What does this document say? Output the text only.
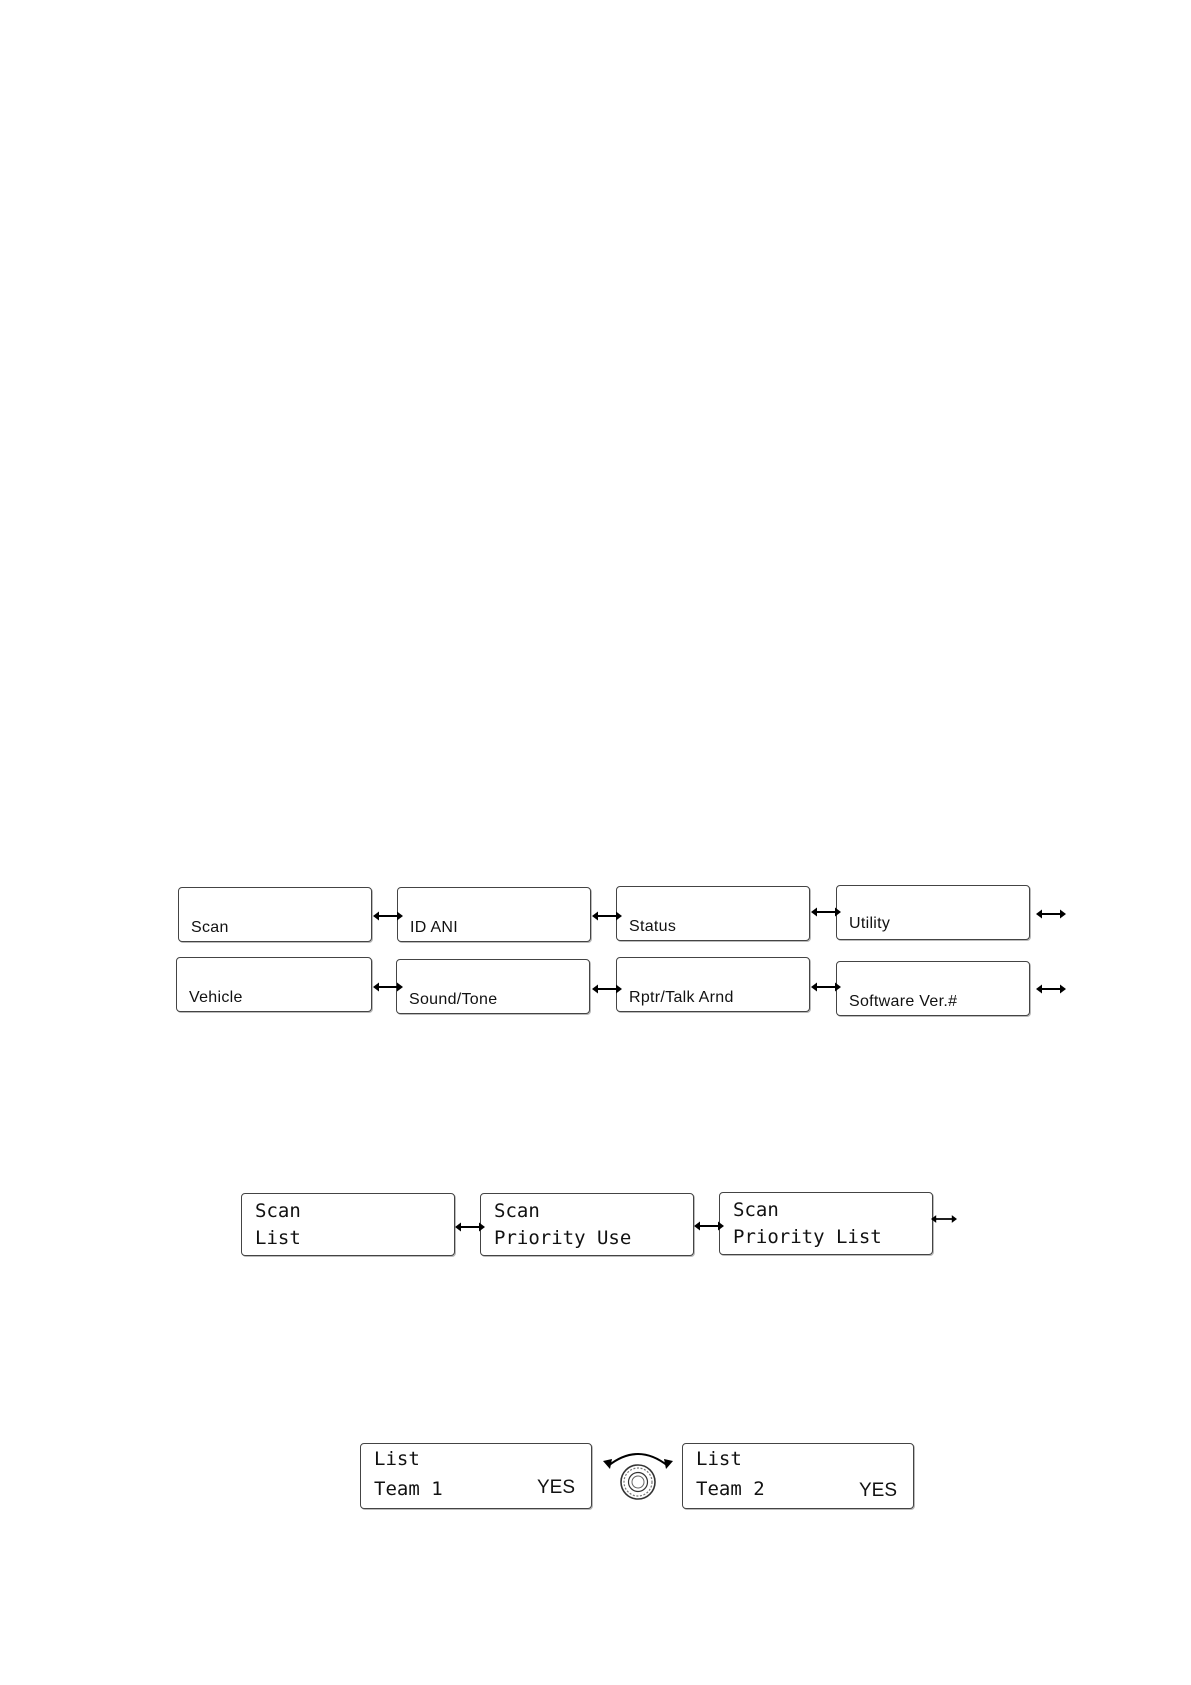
Scan	ID ANI	Status	Utility
Vehicle	Sound/Tone	Rptr/Talk Arnd	Software Ver.#
Scan
List
Scan
Priority Use
Scan
Priority List
List
Team 1	YES
List
Team 2	YES
